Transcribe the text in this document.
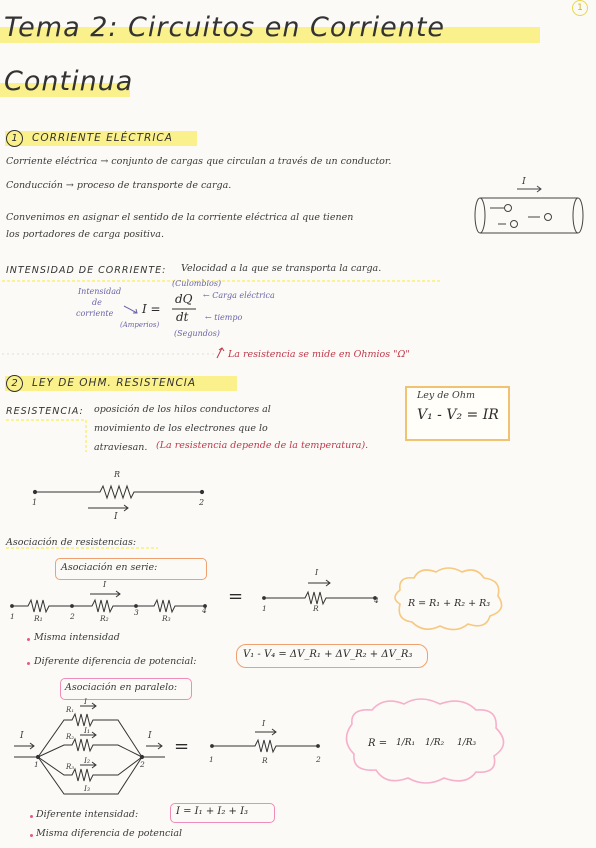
1
Tema 2: Circuitos en Corriente
Continua
1	CORRIENTE ELÉCTRICA
Corriente eléctrica → conjunto de cargas que circulan a través de un conductor.
Conducción → proceso de transporte de carga.
Convenimos en asignar el sentido de la corriente eléctrica al que tienen
los portadores de carga positiva.
I
INTENSIDAD DE CORRIENTE: Velocidad a la que se transporta la carga.
Intensidad
de
corriente
(Culombios)
I =
dQ
dt
← Carga eléctrica
← tiempo
(Amperios)
(Segundos)
La resistencia se mide en Ohmios "Ω"
2	LEY DE OHM. RESISTENCIA
RESISTENCIA: oposición de los hilos conductores al
movimiento de los electrones que lo
atraviesan. (La resistencia depende de la temperatura).
Ley de Ohm
V₁ - V₂ = IR
R
1	2
I
Asociación de resistencias:
Asociación en serie:
I
R₁	R₂	R₃
1	2	3	4
=
I
R
1
4	R = R₁ + R₂ + R₃
Misma intensidad
Diferente diferencia de potencial:
V₁ - V₄ = ΔV_R₁ + ΔV_R₂ + ΔV_R₃
Asociación en paralelo:
I	I
I
I₁
I₂
I₃
R₁
R₂
R₃
1	2
=
I
R
1	2
R = 1/R₁ 1/R₂ 1/R₃
Diferente intensidad:	I = I₁ + I₂ + I₃
Misma diferencia de potencial
